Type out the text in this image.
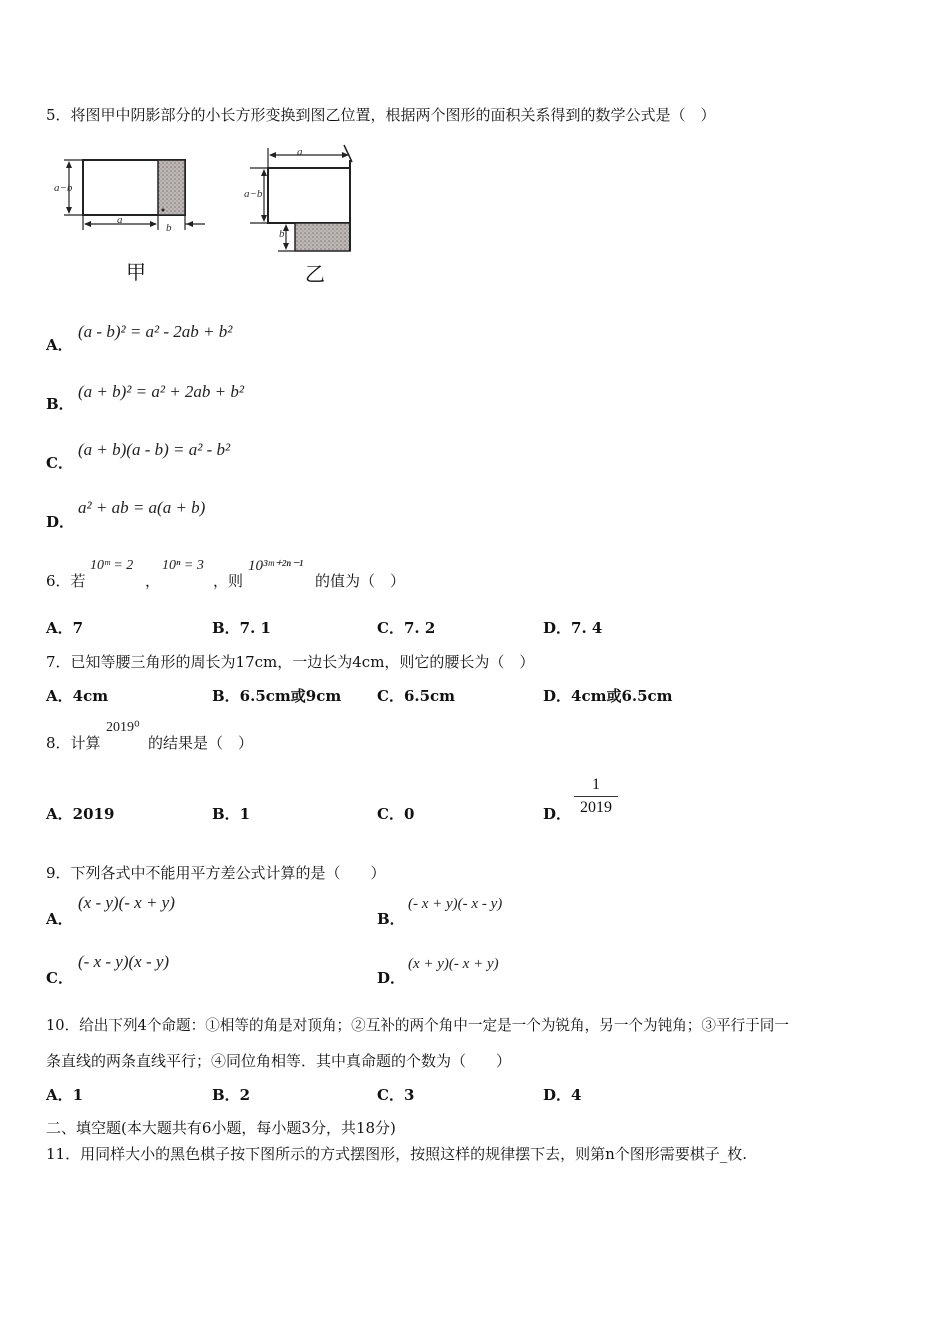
5．将图甲中阴影部分的小长方形变换到图乙位置，根据两个图形的面积关系得到的数学公式是（　）
a−b
a
b
甲
a
a−b
b
乙
A．
(a - b)² = a² - 2ab + b²
B．
(a + b)² = a² + 2ab + b²
C．
(a + b)(a - b) = a² - b²
D．
a² + ab = a(a + b)
6．若
10ᵐ = 2
，
10ⁿ = 3
，则
10³ᵐ⁺²ⁿ⁻¹
的值为（　）
A．7	B．7. 1	C．7. 2	D．7. 4
7．已知等腰三角形的周长为17cm，一边长为4cm，则它的腰长为（　）
A．4cm	B．6.5cm或9cm C．6.5cm	D．4cm或6.5cm
8．计算
2019⁰
的结果是（　）
A．2019	B．1	C．0	D．
1
2019
9．下列各式中不能用平方差公式计算的是（　　）
A．
(x - y)(- x + y)
B．
(- x + y)(- x - y)
C．
(- x - y)(x - y)
D．
(x + y)(- x + y)
10．给出下列4个命题：①相等的角是对顶角；②互补的两个角中一定是一个为锐角，另一个为钝角；③平行于同一
条直线的两条直线平行；④同位角相等．其中真命题的个数为（　　）
A．1	B．2	C．3	D．4
二、填空题(本大题共有6小题，每小题3分，共18分)
11．用同样大小的黑色棋子按下图所示的方式摆图形，按照这样的规律摆下去，则第n个图形需要棋子_枚.
